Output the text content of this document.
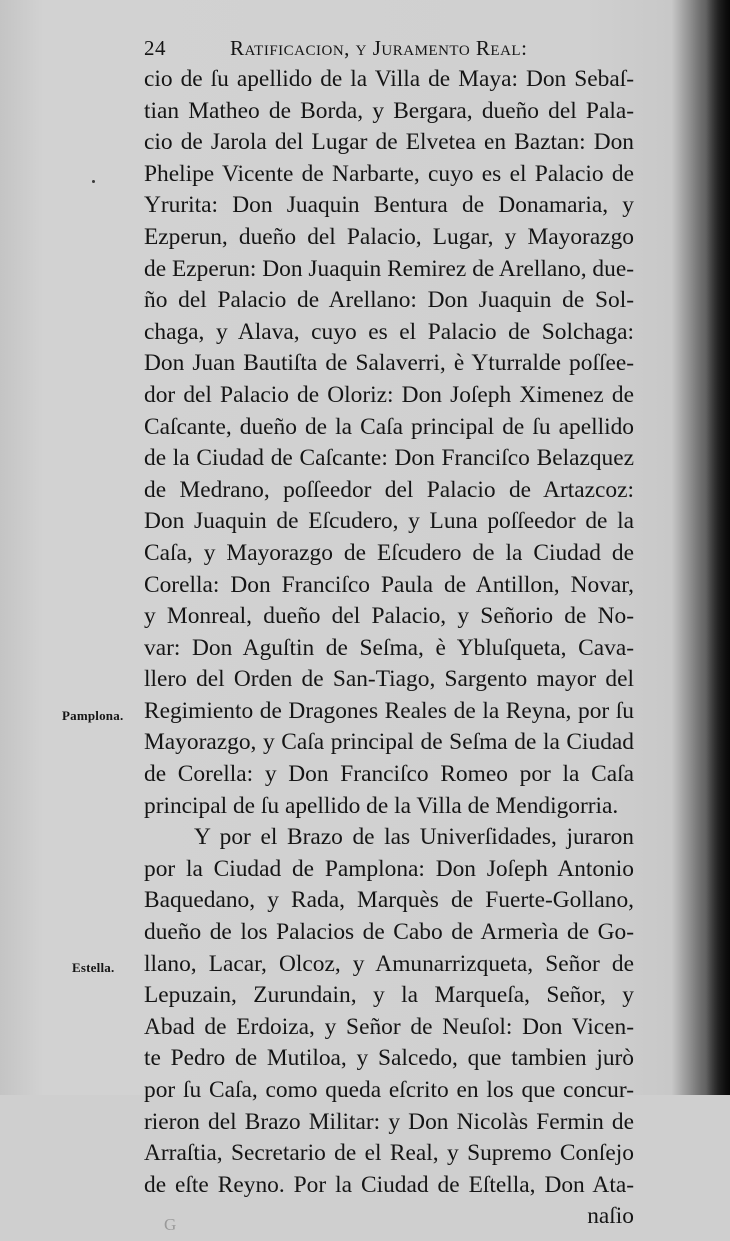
24	Ratificacion, y Juramento Real:
Pamplona.
Estella.
cio de ſu apellido de la Villa de Maya: Don Sebaſ-
tian Matheo de Borda, y Bergara, dueño del Pala-
cio de Jarola del Lugar de Elvetea en Baztan: Don
Phelipe Vicente de Narbarte, cuyo es el Palacio de
Yrurita: Don Juaquin Bentura de Donamaria, y
Ezperun, dueño del Palacio, Lugar, y Mayorazgo
de Ezperun: Don Juaquin Remirez de Arellano, due-
ño del Palacio de Arellano: Don Juaquin de Sol-
chaga, y Alava, cuyo es el Palacio de Solchaga:
Don Juan Bautiſta de Salaverri, è Yturralde poſſee-
dor del Palacio de Oloriz: Don Joſeph Ximenez de
Caſcante, dueño de la Caſa principal de ſu apellido
de la Ciudad de Caſcante: Don Franciſco Belazquez
de Medrano, poſſeedor del Palacio de Artazcoz:
Don Juaquin de Eſcudero, y Luna poſſeedor de la
Caſa, y Mayorazgo de Eſcudero de la Ciudad de
Corella: Don Franciſco Paula de Antillon, Novar,
y Monreal, dueño del Palacio, y Señorio de No-
var: Don Aguſtin de Seſma, è Ybluſqueta, Cava-
llero del Orden de San-Tiago, Sargento mayor del
Regimiento de Dragones Reales de la Reyna, por ſu
Mayorazgo, y Caſa principal de Seſma de la Ciudad
de Corella: y Don Franciſco Romeo por la Caſa
principal de ſu apellido de la Villa de Mendigorria.
Y por el Brazo de las Univerſidades, juraron
por la Ciudad de Pamplona: Don Joſeph Antonio
Baquedano, y Rada, Marquès de Fuerte-Gollano,
dueño de los Palacios de Cabo de Armerìa de Go-
llano, Lacar, Olcoz, y Amunarrizqueta, Señor de
Lepuzain, Zurundain, y la Marqueſa, Señor, y
Abad de Erdoiza, y Señor de Neuſol: Don Vicen-
te Pedro de Mutiloa, y Salcedo, que tambien jurò
por ſu Caſa, como queda eſcrito en los que concur-
rieron del Brazo Militar: y Don Nicolàs Fermin de
Arraſtia, Secretario de el Real, y Supremo Conſejo
de eſte Reyno. Por la Ciudad de Eſtella, Don Ata-
G	naſio
